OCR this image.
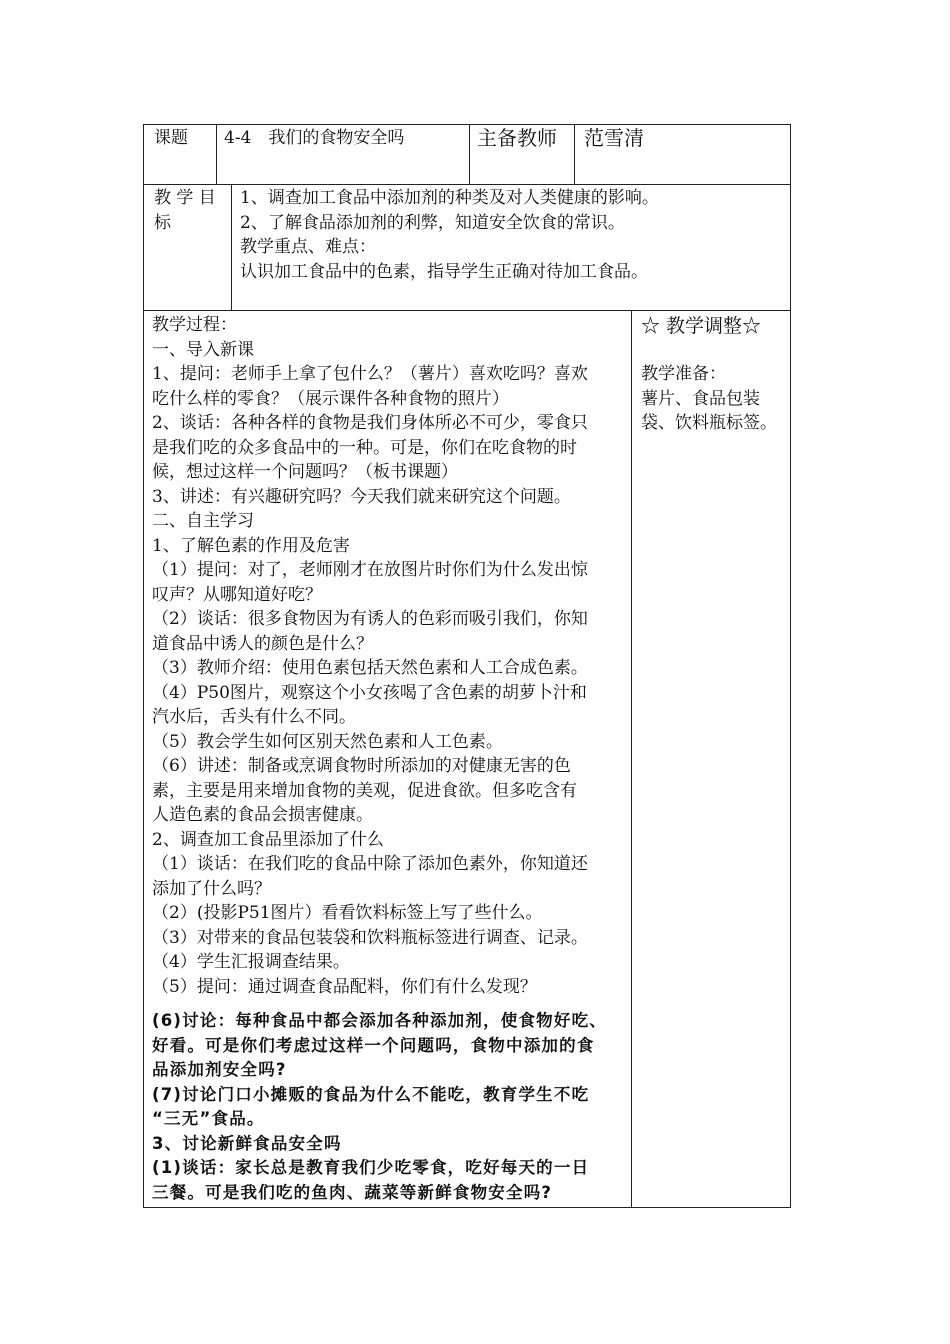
课题 4-4　我们的食物安全吗	主备教师 范雪清
教 学 目
标
1、调查加工食品中添加剂的种类及对人类健康的影响。
2、了解食品添加剂的利弊，知道安全饮食的常识。
教学重点、难点：
认识加工食品中的色素，指导学生正确对待加工食品。
教学过程：
一、导入新课
1、提问：老师手上拿了包什么？（薯片）喜欢吃吗？喜欢
吃什么样的零食？（展示课件各种食物的照片）
2、谈话：各种各样的食物是我们身体所必不可少，零食只
是我们吃的众多食品中的一种。可是，你们在吃食物的时
候，想过这样一个问题吗？（板书课题）
3、讲述：有兴趣研究吗？今天我们就来研究这个问题。
二、自主学习
1、了解色素的作用及危害
（1）提问：对了，老师刚才在放图片时你们为什么发出惊
叹声？从哪知道好吃？
（2）谈话：很多食物因为有诱人的色彩而吸引我们，你知
道食品中诱人的颜色是什么？
（3）教师介绍：使用色素包括天然色素和人工合成色素。
（4）P50图片，观察这个小女孩喝了含色素的胡萝卜汁和
汽水后，舌头有什么不同。
（5）教会学生如何区别天然色素和人工色素。
（6）讲述：制备或烹调食物时所添加的对健康无害的色
素，主要是用来增加食物的美观，促进食欲。但多吃含有
人造色素的食品会损害健康。
2、调查加工食品里添加了什么
（1）谈话：在我们吃的食品中除了添加色素外，你知道还
添加了什么吗？
（2）(投影P51图片）看看饮料标签上写了些什么。
（3）对带来的食品包装袋和饮料瓶标签进行调查、记录。
（4）学生汇报调查结果。
（5）提问：通过调查食品配料，你们有什么发现？
(6)讨论：每种食品中都会添加各种添加剂，使食物好吃、
好看。可是你们考虑过这样一个问题吗，食物中添加的食
品添加剂安全吗?
(7)讨论门口小摊贩的食品为什么不能吃，教育学生不吃
“三无”食品。
3、讨论新鲜食品安全吗
(1)谈话：家长总是教育我们少吃零食，吃好每天的一日
三餐。可是我们吃的鱼肉、蔬菜等新鲜食物安全吗?
☆ 教学调整☆
教学准备：
薯片、食品包装
袋、饮料瓶标签。
